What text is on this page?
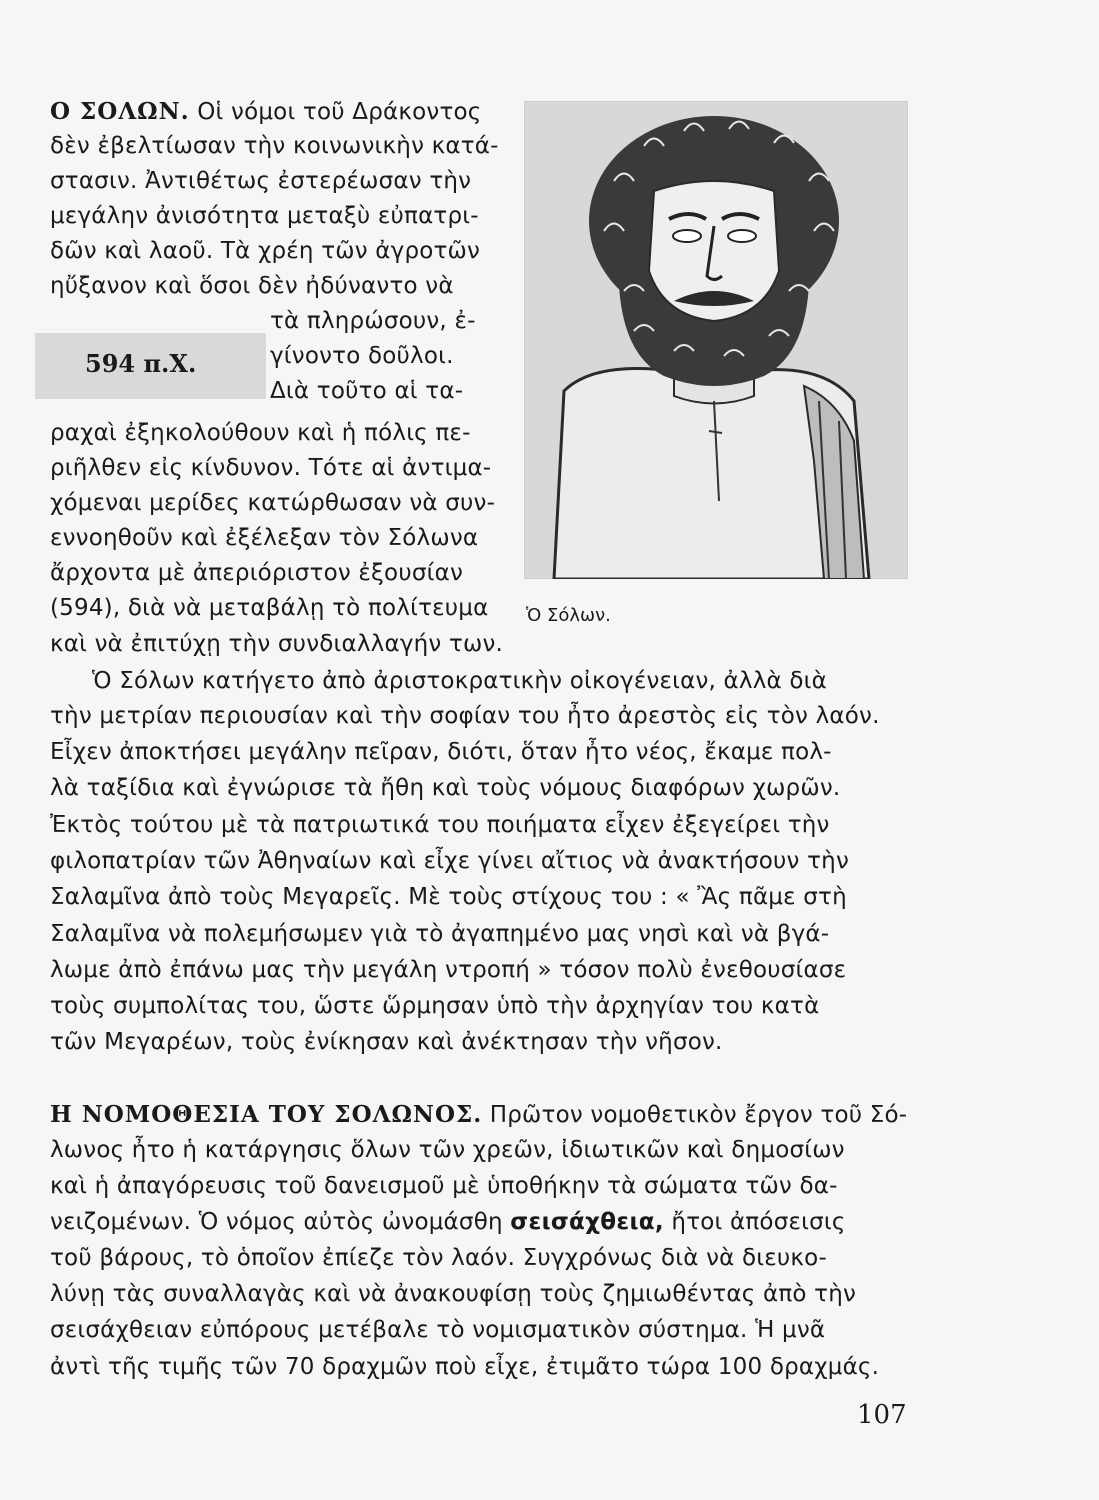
Ο ΣΟΛΩΝ. Οἱ νόμοι τοῦ Δράκοντος
δὲν ἐβελτίωσαν τὴν κοινωνικὴν κατά-
στασιν. Ἀντιθέτως ἐστερέωσαν τὴν
μεγάλην ἀνισότητα μεταξὺ εὐπατρι-
δῶν καὶ λαοῦ. Τὰ χρέη τῶν ἀγροτῶν
ηὔξανον καὶ ὅσοι δὲν ἠδύναντο νὰ
τὰ πληρώσουν, ἐ-
γίνοντο δοῦλοι.
Διὰ τοῦτο αἱ τα-
594 π.Χ.
ραχαὶ ἐξηκολούθουν καὶ ἡ πόλις πε-
ριῆλθεν εἰς κίνδυνον. Τότε αἱ ἀντιμα-
χόμεναι μερίδες κατώρθωσαν νὰ συν-
εννοηθοῦν καὶ ἐξέλεξαν τὸν Σόλωνα
ἄρχοντα μὲ ἀπεριόριστον ἐξουσίαν
(594), διὰ νὰ μεταβάλῃ τὸ πολίτευμα
καὶ νὰ ἐπιτύχῃ τὴν συνδιαλλαγήν των.
Ὁ Σόλων.
Ὁ Σόλων κατήγετο ἀπὸ ἀριστοκρατικὴν οἰκογένειαν, ἀλλὰ διὰ
τὴν μετρίαν περιουσίαν καὶ τὴν σοφίαν του ἦτο ἀρεστὸς εἰς τὸν λαόν.
Εἶχεν ἀποκτήσει μεγάλην πεῖραν, διότι, ὅταν ἦτο νέος, ἔκαμε πολ-
λὰ ταξίδια καὶ ἐγνώρισε τὰ ἤθη καὶ τοὺς νόμους διαφόρων χωρῶν.
Ἐκτὸς τούτου μὲ τὰ πατριωτικά του ποιήματα εἶχεν ἐξεγείρει τὴν
φιλοπατρίαν τῶν Ἀθηναίων καὶ εἶχε γίνει αἴτιος νὰ ἀνακτήσουν τὴν
Σαλαμῖνα ἀπὸ τοὺς Μεγαρεῖς. Μὲ τοὺς στίχους του : « Ἂς πᾶμε στὴ
Σαλαμῖνα νὰ πολεμήσωμεν γιὰ τὸ ἀγαπημένο μας νησὶ καὶ νὰ βγά-
λωμε ἀπὸ ἐπάνω μας τὴν μεγάλη ντροπή » τόσον πολὺ ἐνεθουσίασε
τοὺς συμπολίτας του, ὥστε ὥρμησαν ὑπὸ τὴν ἀρχηγίαν του κατὰ
τῶν Μεγαρέων, τοὺς ἐνίκησαν καὶ ἀνέκτησαν τὴν νῆσον.
Η ΝΟΜΟΘΕΣΙΑ ΤΟΥ ΣΟΛΩΝΟΣ. Πρῶτον νομοθετικὸν ἔργον τοῦ Σό-
λωνος ἦτο ἡ κατάργησις ὅλων τῶν χρεῶν, ἰδιωτικῶν καὶ δημοσίων
καὶ ἡ ἀπαγόρευσις τοῦ δανεισμοῦ μὲ ὑποθήκην τὰ σώματα τῶν δα-
νειζομένων. Ὁ νόμος αὐτὸς ὠνομάσθη σεισάχθεια, ἤτοι ἀπόσεισις
τοῦ βάρους, τὸ ὁποῖον ἐπίεζε τὸν λαόν. Συγχρόνως διὰ νὰ διευκο-
λύνῃ τὰς συναλλαγὰς καὶ νὰ ἀνακουφίσῃ τοὺς ζημιωθέντας ἀπὸ τὴν
σεισάχθειαν εὐπόρους μετέβαλε τὸ νομισματικὸν σύστημα. Ἡ μνᾶ
ἀντὶ τῆς τιμῆς τῶν 70 δραχμῶν ποὺ εἶχε, ἐτιμᾶτο τώρα 100 δραχμάς.
107
